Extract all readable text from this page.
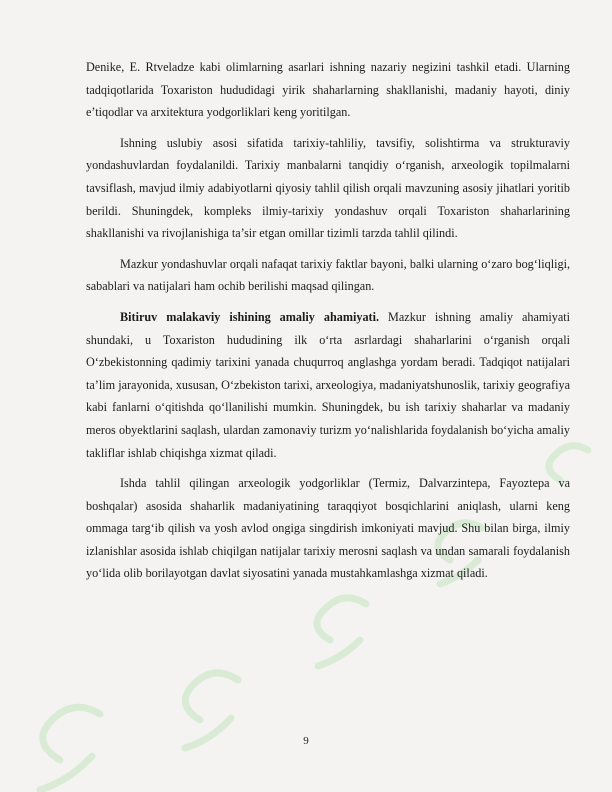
Denike, E. Rtveladze kabi olimlarning asarlari ishning nazariy negizini tashkil etadi. Ularning tadqiqotlarida Toxariston hududidagi yirik shaharlarning shakllanishi, madaniy hayoti, diniy e’tiqodlar va arxitektura yodgorliklari keng yoritilgan.

Ishning uslubiy asosi sifatida tarixiy-tahliliy, tavsifiy, solishtirma va strukturaviy yondashuvlardan foydalanildi. Tarixiy manbalarni tanqidiy o‘rganish, arxeologik topilmalarni tavsiflash, mavjud ilmiy adabiyotlarni qiyosiy tahlil qilish orqali mavzuning asosiy jihatlari yoritib berildi. Shuningdek, kompleks ilmiy-tarixiy yondashuv orqali Toxariston shaharlarining shakllanishi va rivojlanishiga ta’sir etgan omillar tizimli tarzda tahlil qilindi.

Mazkur yondashuvlar orqali nafaqat tarixiy faktlar bayoni, balki ularning o‘zaro bog‘liqligi, sabablari va natijalari ham ochib berilishi maqsad qilingan.

Bitiruv malakaviy ishining amaliy ahamiyati. Mazkur ishning amaliy ahamiyati shundaki, u Toxariston hududining ilk o‘rta asrlardagi shaharlarini o‘rganish orqali O‘zbekistonning qadimiy tarixini yanada chuqurroq anglashga yordam beradi. Tadqiqot natijalari ta’lim jarayonida, xususan, O‘zbekiston tarixi, arxeologiya, madaniyatshunoslik, tarixiy geografiya kabi fanlarni o‘qitishda qo‘llanilishi mumkin. Shuningdek, bu ish tarixiy shaharlar va madaniy meros obyektlarini saqlash, ulardan zamonaviy turizm yo‘nalishlarida foydalanish bo‘yicha amaliy takliflar ishlab chiqishga xizmat qiladi.

Ishda tahlil qilingan arxeologik yodgorliklar (Termiz, Dalvarzintepa, Fayoztepa va boshqalar) asosida shaharlik madaniyatining taraqqiyot bosqichlarini aniqlash, ularni keng ommaga targ‘ib qilish va yosh avlod ongiga singdirish imkoniyati mavjud. Shu bilan birga, ilmiy izlanishlar asosida ishlab chiqilgan natijalar tarixiy merosni saqlash va undan samarali foydalanish yo‘lida olib borilayotgan davlat siyosatini yanada mustahkamlashga xizmat qiladi.

9
